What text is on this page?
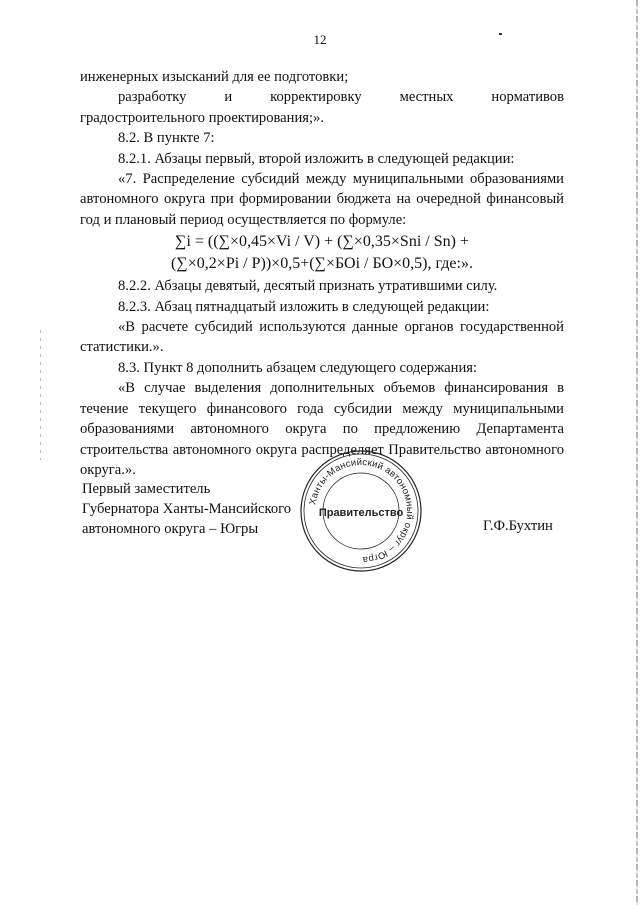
12

инженерных изысканий для ее подготовки;

разработку и корректировку местных нормативов

градостроительного проектирования;».

8.2. В пункте 7:

8.2.1. Абзацы первый, второй изложить в следующей редакции:

«7. Распределение субсидий между муниципальными образованиями автономного округа при формировании бюджета на очередной финансовый год и плановый период осуществляется по формуле:

∑i = ((∑×0,45×Vi / V) + (∑×0,35×Sni / Sn) +
(∑×0,2×Pi / P))×0,5+(∑×БОi / БО×0,5), где:».

8.2.2. Абзацы девятый, десятый признать утратившими силу.

8.2.3. Абзац пятнадцатый изложить в следующей редакции:

«В расчете субсидий используются данные органов государственной статистики.».

8.3. Пункт 8 дополнить абзацем следующего содержания:

«В случае выделения дополнительных объемов финансирования в течение текущего финансового года субсидии между муниципальными образованиями автономного округа по предложению Департамента строительства автономного округа распределяет Правительство автономного округа.».

Первый заместитель
Губернатора Ханты-Мансийского
автономного округа – Югры
Ханты-Мансийский автономный округ – Югра
Правительство
Г.Ф.Бухтин
